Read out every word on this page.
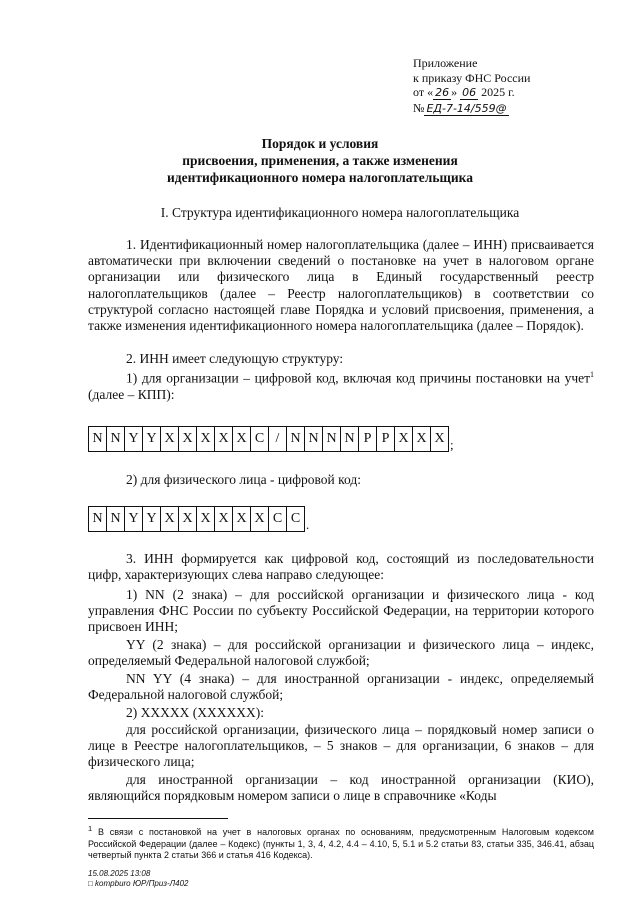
Приложение
к приказу ФНС России
от « 26 » 06 2025 г.
№ ЕД-7-14/559@
Порядок и условия
присвоения, применения, а также изменения
идентификационного номера налогоплательщика
I. Структура идентификационного номера налогоплательщика
1. Идентификационный номер налогоплательщика (далее – ИНН) присваивается автоматически при включении сведений о постановке на учет в налоговом органе организации или физического лица в Единый государственный реестр налогоплательщиков (далее – Реестр налогоплательщиков) в соответствии со структурой согласно настоящей главе Порядка и условий присвоения, применения, а также изменения идентификационного номера налогоплательщика (далее – Порядок).
2. ИНН имеет следующую структуру:
1) для организации – цифровой код, включая код причины постановки на учет$^1$ (далее – КПП):
N N Y Y X X X X X C / N N N N P P X X X ;
2) для физического лица - цифровой код:
N N Y Y X X X X X X C C .
3. ИНН формируется как цифровой код, состоящий из последовательности цифр, характеризующих слева направо следующее:
1) NN (2 знака) – для российской организации и физического лица - код управления ФНС России по субъекту Российской Федерации, на территории которого присвоен ИНН;
YY (2 знака) – для российской организации и физического лица – индекс, определяемый Федеральной налоговой службой;
NN YY (4 знака) – для иностранной организации - индекс, определяемый Федеральной налоговой службой;
2) XXXXX (XXXXXX):
для российской организации, физического лица – порядковый номер записи о лице в Реестре налогоплательщиков, – 5 знаков – для организации, 6 знаков – для физического лица;
для иностранной организации – код иностранной организации (КИО), являющийся порядковым номером записи о лице в справочнике «Коды
$^1$ В связи с постановкой на учет в налоговых органах по основаниям, предусмотренным Налоговым кодексом Российской Федерации (далее – Кодекс) (пункты 1, 3, 4, 4.2, 4.4 – 4.10, 5, 5.1 и 5.2 статьи 83, статьи 335, 346.41, абзац четвертый пункта 2 статьи 366 и статья 416 Кодекса).
15.08.2025 13:08
□ kompburo ЮР/Приз-Л402
